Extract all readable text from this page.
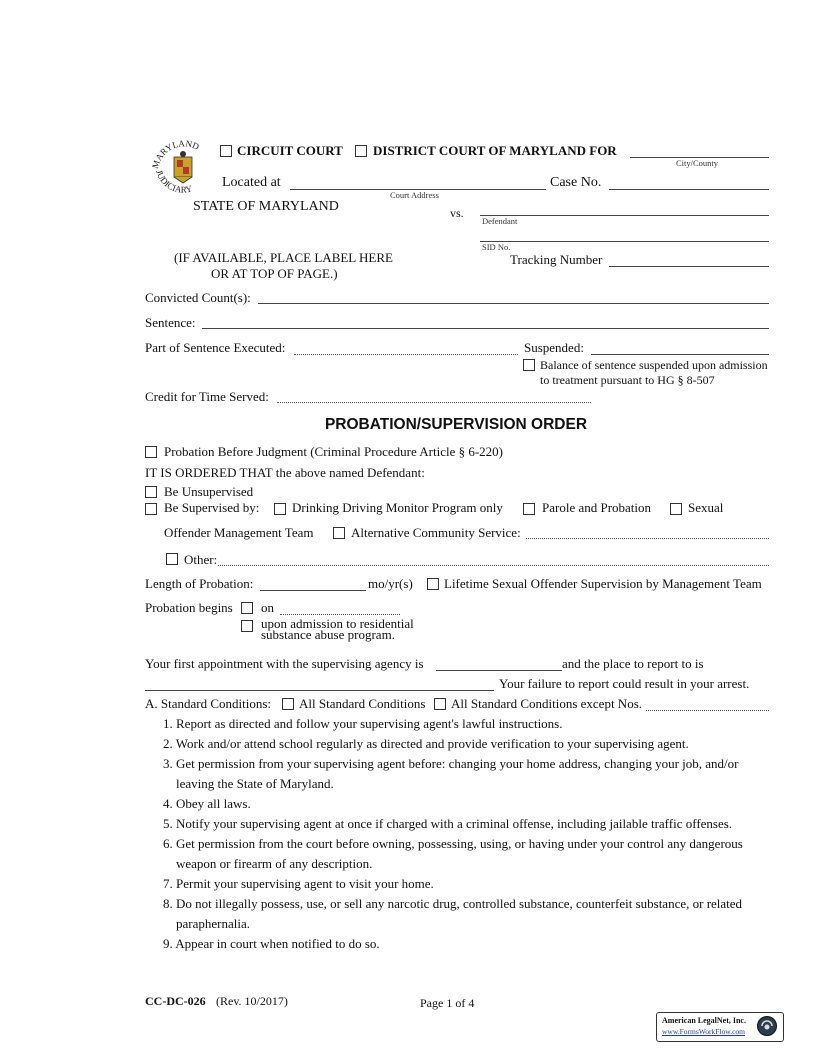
MARYLAND
JUDICIARY
CIRCUIT COURT DISTRICT COURT OF MARYLAND FOR
City/County
Located at
Court Address
Case No.
STATE OF MARYLAND	vs.
Defendant
SID No.
(IF AVAILABLE, PLACE LABEL HERE
OR AT TOP OF PAGE.)
Tracking Number
Convicted Count(s):
Sentence:
Part of Sentence Executed:	Suspended:
Balance of sentence suspended upon admission
to treatment pursuant to HG § 8-507
Credit for Time Served:
PROBATION/SUPERVISION ORDER
Probation Before Judgment (Criminal Procedure Article § 6-220)
IT IS ORDERED THAT the above named Defendant:
Be Unsupervised
Be Supervised by:	Drinking Driving Monitor Program only	Parole and Probation	Sexual
Offender Management Team	Alternative Community Service:
Other:
Length of Probation:	mo/yr(s) Lifetime Sexual Offender Supervision by Management Team
Probation begins on
upon admission to residential
substance abuse program.
Your first appointment with the supervising agency is	and the place to report to is
Your failure to report could result in your arrest.
A. Standard Conditions: All Standard Conditions All Standard Conditions except Nos.
1. Report as directed and follow your supervising agent's lawful instructions.
2. Work and/or attend school regularly as directed and provide verification to your supervising agent.
3. Get permission from your supervising agent before: changing your home address, changing your job, and/or
leaving the State of Maryland.
4. Obey all laws.
5. Notify your supervising agent at once if charged with a criminal offense, including jailable traffic offenses.
6. Get permission from the court before owning, possessing, using, or having under your control any dangerous
weapon or firearm of any description.
7. Permit your supervising agent to visit your home.
8. Do not illegally possess, use, or sell any narcotic drug, controlled substance, counterfeit substance, or related
paraphernalia.
9. Appear in court when notified to do so.
CC-DC-026 (Rev. 10/2017)	Page 1 of 4
American LegalNet, Inc.
www.FormsWorkFlow.com
